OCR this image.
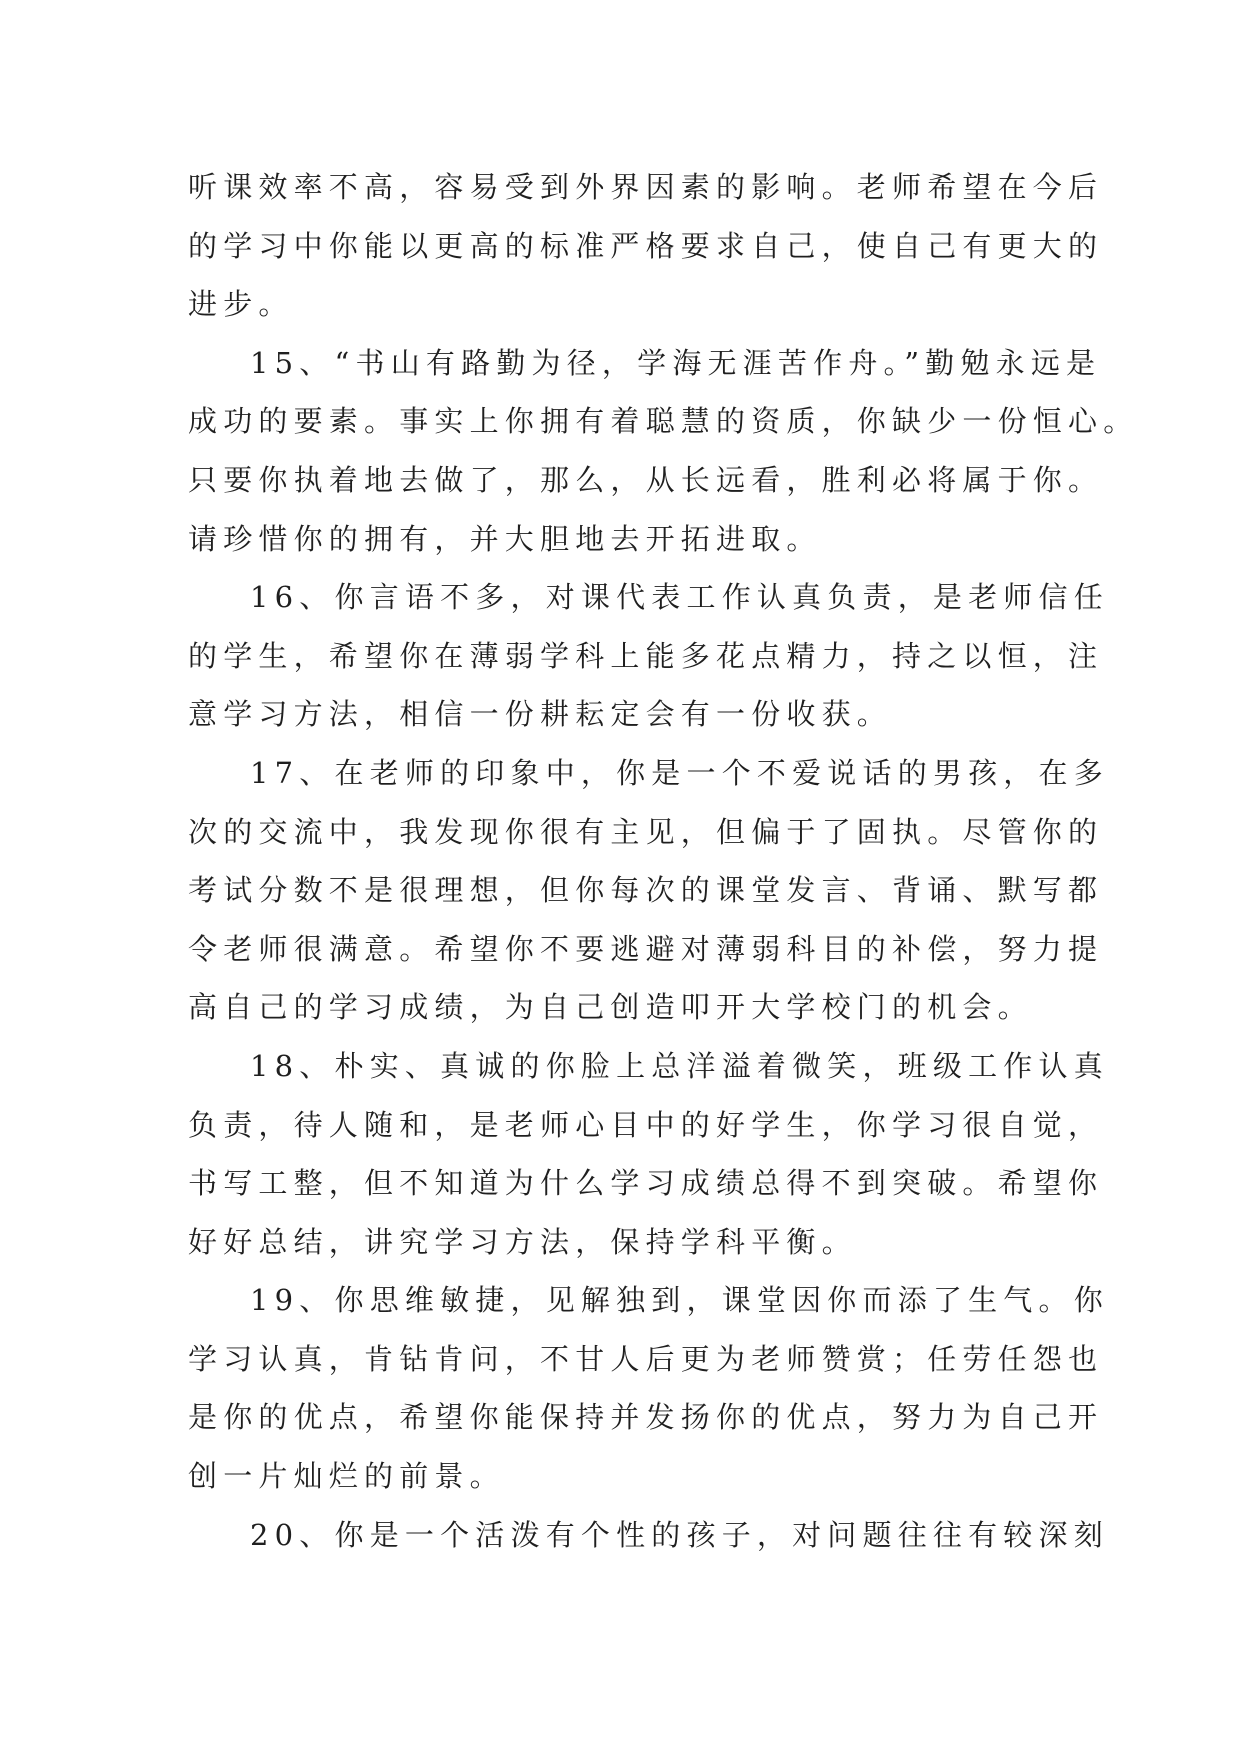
听课效率不高，容易受到外界因素的影响。老师希望在今后
的学习中你能以更高的标准严格要求自己，使自己有更大的
进步。
15、“书山有路勤为径，学海无涯苦作舟。”勤勉永远是
成功的要素。事实上你拥有着聪慧的资质，你缺少一份恒心。
只要你执着地去做了，那么，从长远看，胜利必将属于你。
请珍惜你的拥有，并大胆地去开拓进取。
16、你言语不多，对课代表工作认真负责，是老师信任
的学生，希望你在薄弱学科上能多花点精力，持之以恒，注
意学习方法，相信一份耕耘定会有一份收获。
17、在老师的印象中，你是一个不爱说话的男孩，在多
次的交流中，我发现你很有主见，但偏于了固执。尽管你的
考试分数不是很理想，但你每次的课堂发言、背诵、默写都
令老师很满意。希望你不要逃避对薄弱科目的补偿，努力提
高自己的学习成绩，为自己创造叩开大学校门的机会。
18、朴实、真诚的你脸上总洋溢着微笑，班级工作认真
负责，待人随和，是老师心目中的好学生，你学习很自觉，
书写工整，但不知道为什么学习成绩总得不到突破。希望你
好好总结，讲究学习方法，保持学科平衡。
19、你思维敏捷，见解独到，课堂因你而添了生气。你
学习认真，肯钻肯问，不甘人后更为老师赞赏；任劳任怨也
是你的优点，希望你能保持并发扬你的优点，努力为自己开
创一片灿烂的前景。
20、你是一个活泼有个性的孩子，对问题往往有较深刻
